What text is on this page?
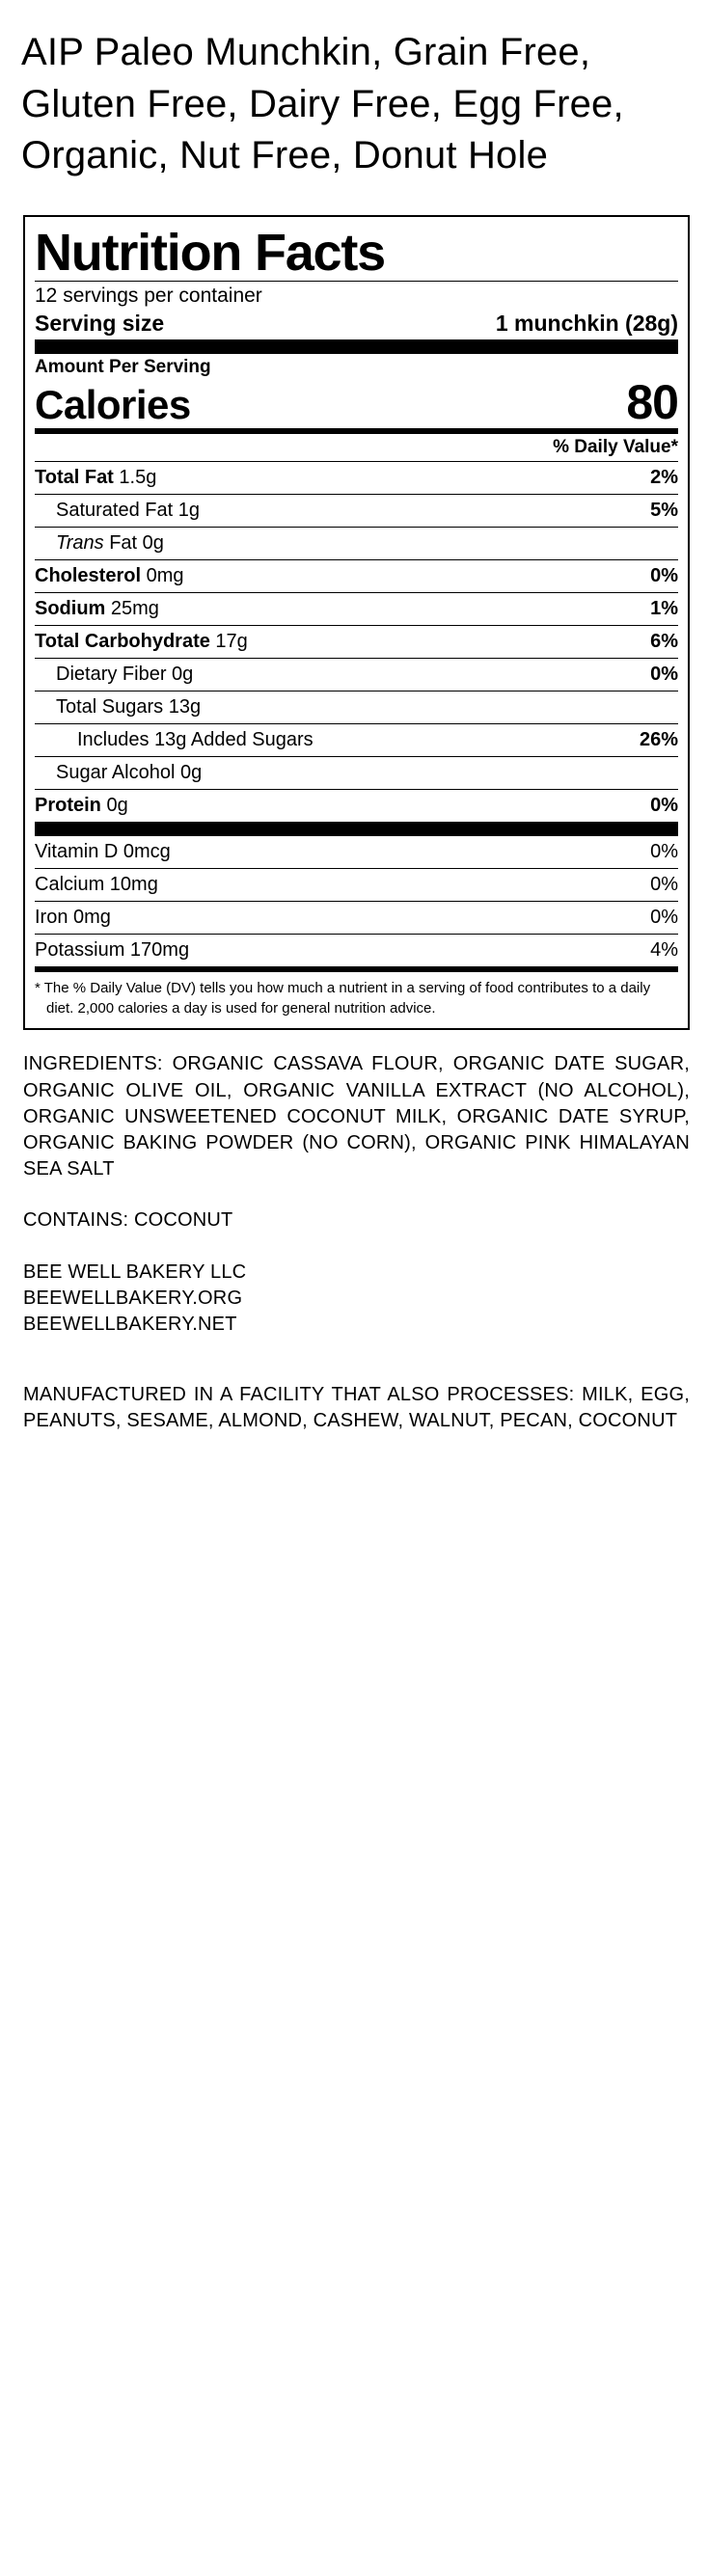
AIP Paleo Munchkin, Grain Free, Gluten Free, Dairy Free, Egg Free, Organic, Nut Free, Donut Hole
Nutrition Facts
12 servings per container
Serving size	1 munchkin (28g)
Amount Per Serving
Calories	80
% Daily Value*
Total Fat 1.5g	2%
Saturated Fat 1g	5%
Trans Fat 0g
Cholesterol 0mg	0%
Sodium 25mg	1%
Total Carbohydrate 17g	6%
Dietary Fiber 0g	0%
Total Sugars 13g
Includes 13g Added Sugars	26%
Sugar Alcohol 0g
Protein 0g	0%
Vitamin D 0mcg	0%
Calcium 10mg	0%
Iron 0mg	0%
Potassium 170mg	4%
* The % Daily Value (DV) tells you how much a nutrient in a serving of food contributes to a daily diet. 2,000 calories a day is used for general nutrition advice.
INGREDIENTS: ORGANIC CASSAVA FLOUR, ORGANIC DATE SUGAR, ORGANIC OLIVE OIL, ORGANIC VANILLA EXTRACT (NO ALCOHOL), ORGANIC UNSWEETENED COCONUT MILK, ORGANIC DATE SYRUP, ORGANIC BAKING POWDER (NO CORN), ORGANIC PINK HIMALAYAN SEA SALT
CONTAINS: COCONUT
BEE WELL BAKERY LLC
BEEWELLBAKERY.ORG
BEEWELLBAKERY.NET
MANUFACTURED IN A FACILITY THAT ALSO PROCESSES: MILK, EGG, PEANUTS, SESAME, ALMOND, CASHEW, WALNUT, PECAN, COCONUT
